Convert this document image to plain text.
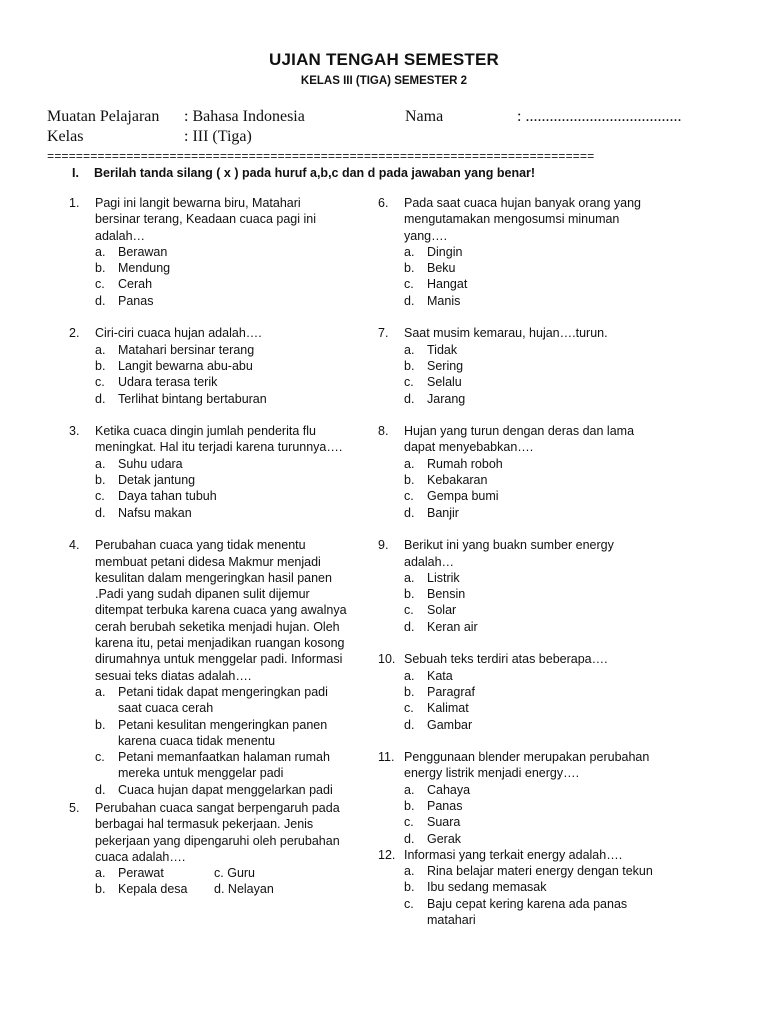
UJIAN TENGAH SEMESTER
KELAS III (TIGA) SEMESTER 2
Muatan Pelajaran : Bahasa Indonesia	Nama	: .......................................
Kelas	: III (Tiga)
============================================================================
I. Berilah tanda silang ( x ) pada huruf a,b,c dan d pada jawaban yang benar!
1. Pagi ini langit bewarna biru, Matahari bersinar terang, Keadaan cuaca pagi ini adalah…
a. Berawan
b. Mendung
c. Cerah
d. Panas
2. Ciri-ciri cuaca hujan adalah….
a. Matahari bersinar terang
b. Langit bewarna abu-abu
c. Udara terasa terik
d. Terlihat bintang bertaburan
3. Ketika cuaca dingin jumlah penderita flu meningkat. Hal itu terjadi karena turunnya….
a. Suhu udara
b. Detak jantung
c. Daya tahan tubuh
d. Nafsu makan
4. Perubahan cuaca yang tidak menentu membuat petani didesa Makmur menjadi kesulitan dalam mengeringkan hasil panen .Padi yang sudah dipanen sulit dijemur ditempat terbuka karena cuaca yang awalnya cerah berubah seketika menjadi hujan. Oleh karena itu, petai menjadikan ruangan kosong dirumahnya untuk menggelar padi. Informasi sesuai teks diatas adalah….
a. Petani tidak dapat mengeringkan padi saat cuaca cerah
b. Petani kesulitan mengeringkan panen karena cuaca tidak menentu
c. Petani memanfaatkan halaman rumah mereka untuk menggelar padi
d. Cuaca hujan dapat menggelarkan padi
5. Perubahan cuaca sangat berpengaruh pada berbagai hal termasuk pekerjaan. Jenis pekerjaan yang dipengaruhi oleh perubahan cuaca adalah….
a. Perawat	c. Guru
b. Kepala desa	d. Nelayan
6. Pada saat cuaca hujan banyak orang yang mengutamakan mengosumsi minuman yang….
a. Dingin
b. Beku
c. Hangat
d. Manis
7. Saat musim kemarau, hujan….turun.
a. Tidak
b. Sering
c. Selalu
d. Jarang
8. Hujan yang turun dengan deras dan lama dapat menyebabkan….
a. Rumah roboh
b. Kebakaran
c. Gempa bumi
d. Banjir
9. Berikut ini yang buakn sumber energy adalah…
a. Listrik
b. Bensin
c. Solar
d. Keran air
10. Sebuah teks terdiri atas beberapa….
a. Kata
b. Paragraf
c. Kalimat
d. Gambar
11. Penggunaan blender merupakan perubahan energy listrik menjadi energy….
a. Cahaya
b. Panas
c. Suara
d. Gerak
12. Informasi yang terkait energy adalah….
a. Rina belajar materi energy dengan tekun
b. Ibu sedang memasak
c. Baju cepat kering karena ada panas matahari
